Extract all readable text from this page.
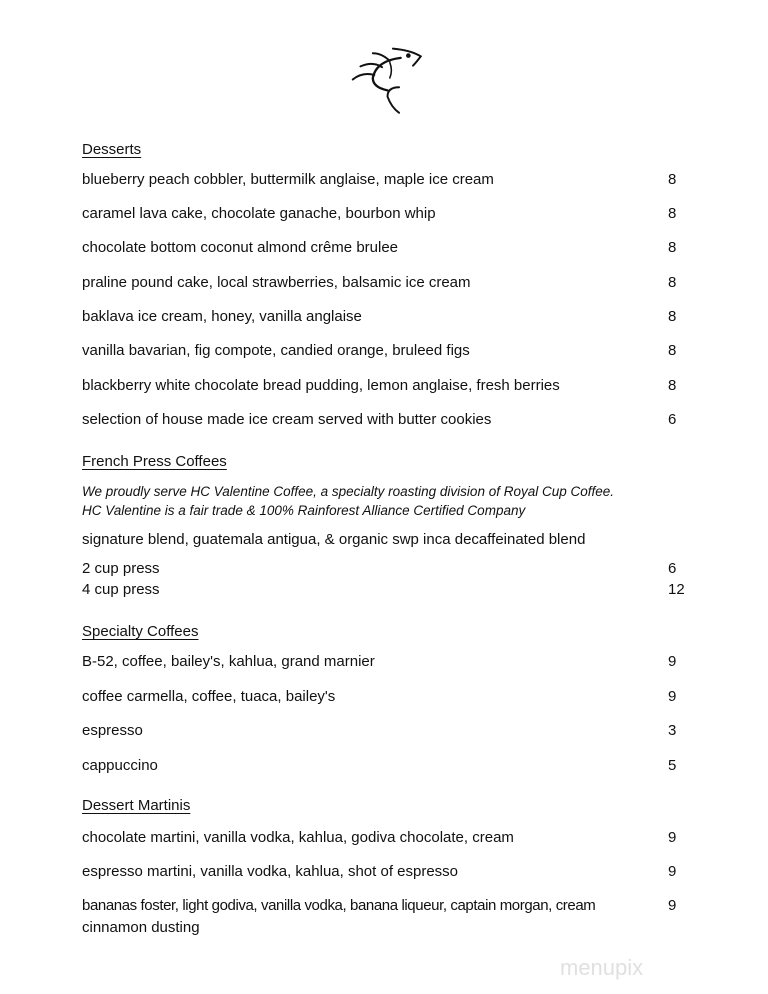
Desserts
blueberry peach cobbler, buttermilk anglaise, maple ice cream	8
caramel lava cake, chocolate ganache, bourbon whip	8
chocolate bottom coconut almond crême brulee	8
praline pound cake, local strawberries, balsamic ice cream	8
baklava ice cream, honey, vanilla anglaise	8
vanilla bavarian, fig compote, candied orange, bruleed figs	8
blackberry white chocolate bread pudding, lemon anglaise, fresh berries	8
selection of house made ice cream served with butter cookies	6
French Press Coffees
We proudly serve HC Valentine Coffee, a specialty roasting division of Royal Cup Coffee.
HC Valentine is a fair trade & 100% Rainforest Alliance Certified Company
signature blend, guatemala antigua, & organic swp inca decaffeinated blend
2 cup press	6
4 cup press	12
Specialty Coffees
B-52, coffee, bailey's, kahlua, grand marnier	9
coffee carmella, coffee, tuaca, bailey's	9
espresso	3
cappuccino	5
Dessert Martinis
chocolate martini, vanilla vodka, kahlua, godiva chocolate, cream	9
espresso martini, vanilla vodka, kahlua, shot of espresso	9
bananas foster, light godiva, vanilla vodka, banana liqueur, captain morgan, cream	9
cinnamon dusting
menupix
